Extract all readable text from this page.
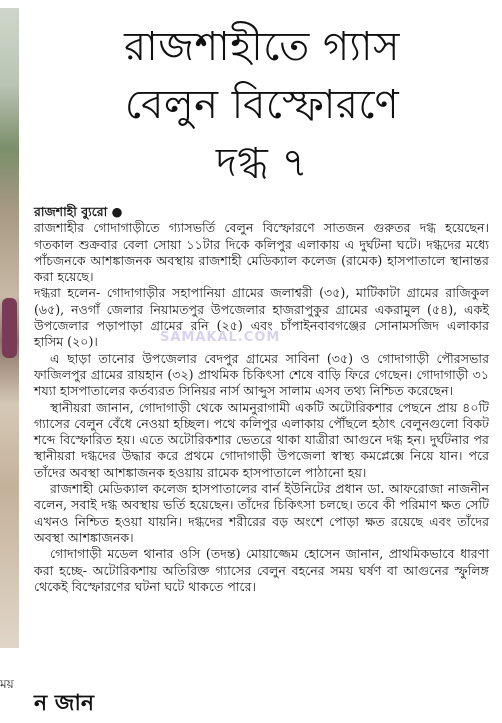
ময়
রাজশাহীতে গ্যাস
বেলুন বিস্ফোরণে
দগ্ধ ৭
রাজশাহী ব্যুরো ●

রাজশাহীর গোদাগাড়ীতে গ্যাসভর্তি বেলুন বিস্ফোরণে সাতজন গুরুতর দগ্ধ হয়েছেন। গতকাল শুক্রবার বেলা সোয়া ১১টার দিকে কলিপুর এলাকায় এ দুর্ঘটনা ঘটে। দগ্ধদের মধ্যে পাঁচজনকে আশঙ্কাজনক অবস্থায় রাজশাহী মেডিক্যাল কলেজ (রামেক) হাসপাতালে স্থানান্তর করা হয়েছে।

দগ্ধরা হলেন- গোদাগাড়ীর সহাপানিয়া গ্রামের জলাশ্বরী (৩৫), মাটিকাটা গ্রামের রাজিকুল (৬৫), নওগাঁ জেলার নিয়ামতপুর উপজেলার হাজরাপুকুর গ্রামের একরামুল (৫৪), একই উপজেলার পড়াপাড়া গ্রামের রনি (২৫) এবং চাঁপাইনবাবগঞ্জের সোনামসজিদ এলাকার হাসিম (২০)।

এ ছাড়া তানোর উপজেলার বেদপুর গ্রামের সাবিনা (৩৫) ও গোদাগাড়ী পৌরসভার ফাজিলপুর গ্রামের রায়হান (৩২) প্রাথমিক চিকিৎসা শেষে বাড়ি ফিরে গেছেন। গোদাগাড়ী ৩১ শয্যা হাসপাতালের কর্তব্যরত সিনিয়র নার্স আব্দুস সালাম এসব তথ্য নিশ্চিত করেছেন।

স্থানীয়রা জানান, গোদাগাড়ী থেকে আমনুরাগামী একটি অটোরিকশার পেছনে প্রায় ৪০টি গ্যাসের বেলুন বেঁধে নেওয়া হচ্ছিল। পথে কলিপুর এলাকায় পৌঁছলে হঠাৎ বেলুনগুলো বিকট শব্দে বিস্ফোরিত হয়। এতে অটোরিকশার ভেতরে থাকা যাত্রীরা আগুনে দগ্ধ হন। দুর্ঘটনার পর স্থানীয়রা দগ্ধদের উদ্ধার করে প্রথমে গোদাগাড়ী উপজেলা স্বাস্থ্য কমপ্লেক্সে নিয়ে যান। পরে তাঁদের অবস্থা আশঙ্কাজনক হওয়ায় রামেক হাসপাতালে পাঠানো হয়।

রাজশাহী মেডিক্যাল কলেজ হাসপাতালের বার্ন ইউনিটের প্রধান ডা. আফরোজা নাজনীন বলেন, সবাই দগ্ধ অবস্থায় ভর্তি হয়েছেন। তাঁদের চিকিৎসা চলছে। তবে কী পরিমাণ ক্ষত সেটি এখনও নিশ্চিত হওয়া যায়নি। দগ্ধদের শরীরের বড় অংশে পোড়া ক্ষত রয়েছে এবং তাঁদের অবস্থা আশঙ্কাজনক।

গোদাগাড়ী মডেল থানার ওসি (তদন্ত) মোয়াজ্জেম হোসেন জানান, প্রাথমিকভাবে ধারণা করা হচ্ছে- অটোরিকশায় অতিরিক্ত গ্যাসের বেলুন বহনের সময় ঘর্ষণ বা আগুনের স্ফুলিঙ্গ থেকেই বিস্ফোরণের ঘটনা ঘটে থাকতে পারে।

SAMAKAL.COM
ন জান
